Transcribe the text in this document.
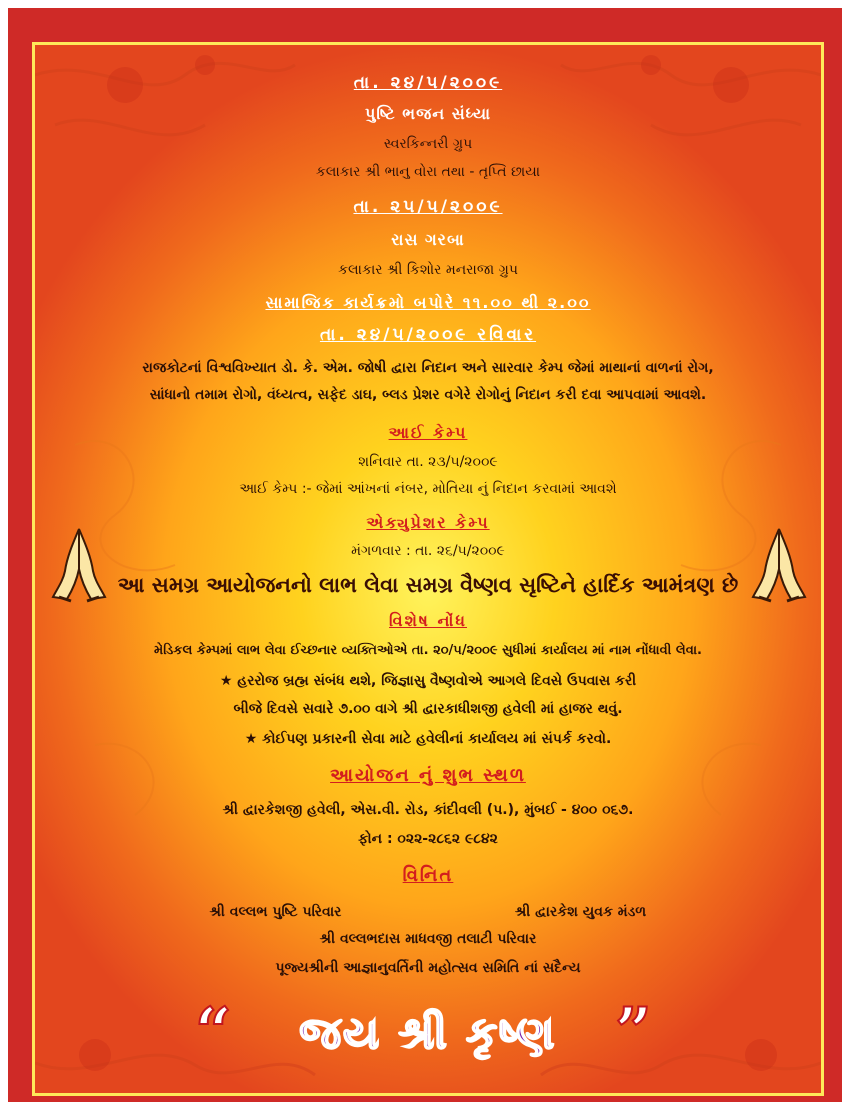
તા. ૨૪/૫/૨૦૦૯
પુષ્ટિ ભજન સંધ્યા
સ્વરકિન્નરી ગ્રુપ
કલાકાર શ્રી ભાનુ વોરા તથા - તૃપ્તિ છાયા
તા. ૨૫/૫/૨૦૦૯
રાસ ગરબા
કલાકાર શ્રી કિશોર મનરાજા ગ્રુપ
સામાજિક કાર્યક્રમો બપોરે ૧૧.૦૦ થી ૨.૦૦
તા. ૨૪/૫/૨૦૦૯ રવિવાર
રાજકોટનાં વિશ્વવિખ્યાત ડો. કે. એમ. જોષી દ્વારા નિદાન અને સારવાર કેમ્પ જેમાં માથાનાં વાળનાં રોગ,
સાંધાનો તમામ રોગો, વંધ્યત્વ, સફેદ ડાઘ, બ્લડ પ્રેશર વગેરે રોગોનું નિદાન કરી દવા આપવામાં આવશે.
આઈ કેમ્પ
શનિવાર તા. ૨૩/૫/૨૦૦૯
આઈ કેમ્પ :- જેમાં આંખનાં નંબર, મોતિયા નું નિદાન કરવામાં આવશે
એક્યુપ્રેશર કેમ્પ
મંગળવાર : તા. ૨૬/૫/૨૦૦૯
આ સમગ્ર આયોજનનો લાભ લેવા સમગ્ર વૈષ્ણવ સૃષ્ટિને હાર્દિક આમંત્રણ છે
વિશેષ નોંધ
મેડિકલ કેમ્પમાં લાભ લેવા ઈચ્છનાર વ્યક્તિઓએ તા. ૨૦/૫/૨૦૦૯ સુધીમાં કાર્યાલય માં નામ નોંધાવી લેવા.
★ હરરોજ બ્રહ્મ સંબંધ થશે, જિજ્ઞાસુ વૈષ્ણવોએ આગલે દિવસે ઉપવાસ કરી
બીજે દિવસે સવારે ૭.૦૦ વાગે શ્રી દ્વારકાધીશજી હવેલી માં હાજર થવું.
★ કોઈપણ પ્રકારની સેવા માટે હવેલીનાં કાર્યાલય માં સંપર્ક કરવો.
આયોજન નું શુભ સ્થળ
શ્રી દ્વારકેશજી હવેલી, એસ.વી. રોડ, કાંદીવલી (પ.), મુંબઈ - ૪૦૦ ૦૬૭.
ફોન : ૦૨૨-૨૮૬૨ ૯૮૪૨
વિનિત
શ્રી વલ્લભ પુષ્ટિ પરિવાર	શ્રી દ્વારકેશ યુવક મંડળ
શ્રી વલ્લભદાસ માધવજી તલાટી પરિવાર
પૂજ્યશ્રીની આજ્ઞાનુવર્તિની મહોત્સવ સમિતિ નાં સદૈન્ય
“	જય શ્રી કૃષ્ણ ”
